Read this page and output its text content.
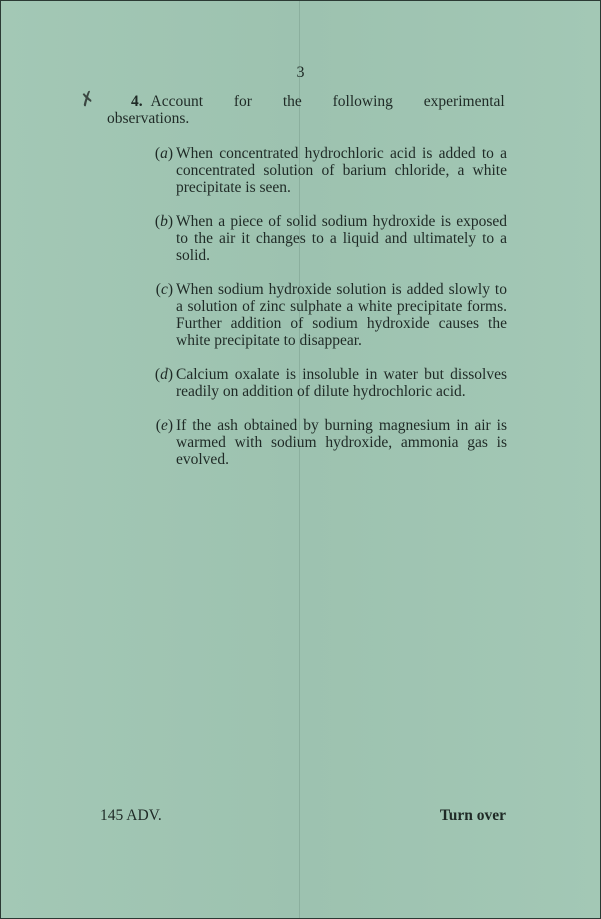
3
✗	4. Account for the following experimental
observations.
(a) When concentrated hydrochloric acid is added to a concentrated solution of barium chloride, a white precipitate is seen.
(b) When a piece of solid sodium hydroxide is exposed to the air it changes to a liquid and ultimately to a solid.
(c) When sodium hydroxide solution is added slowly to a solution of zinc sulphate a white precipitate forms. Further addition of sodium hydroxide causes the white precipitate to disappear.
(d) Calcium oxalate is insoluble in water but dissolves readily on addition of dilute hydrochloric acid.
(e) If the ash obtained by burning magnesium in air is warmed with sodium hydroxide, ammonia gas is evolved.
145 ADV.	Turn over
